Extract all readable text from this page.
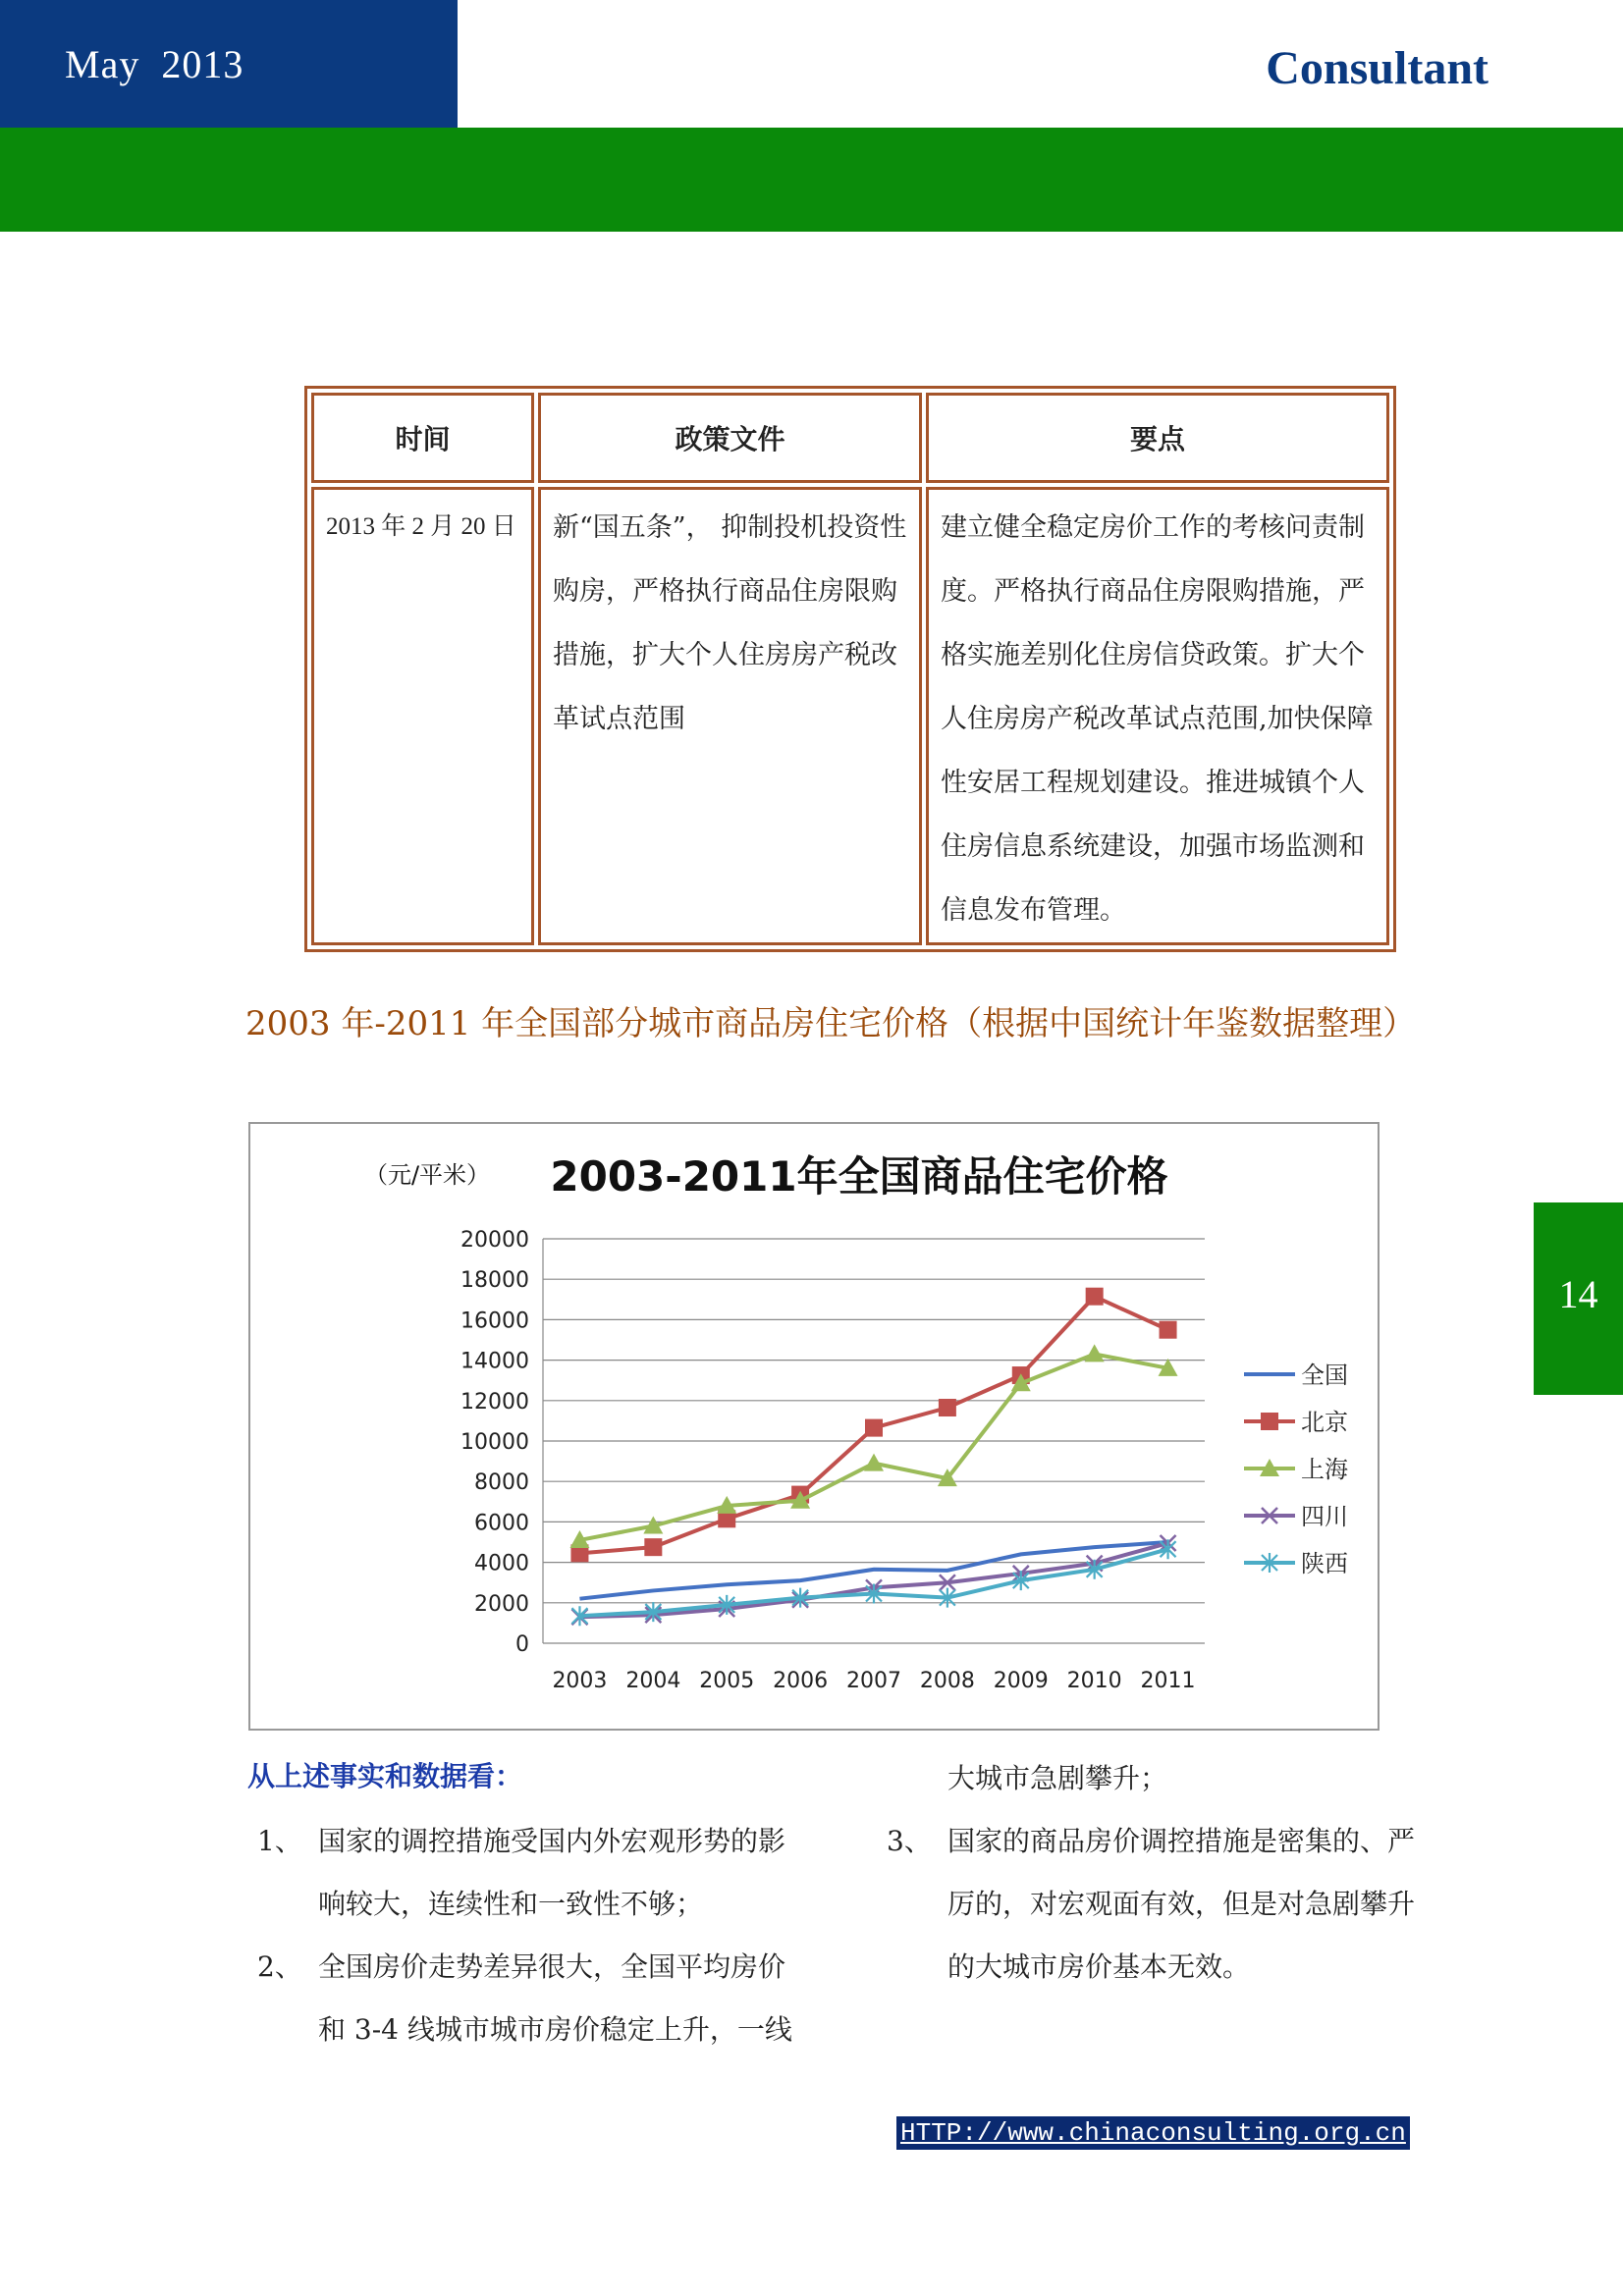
May  2013	Consultant
14
时间	政策文件	要点
2013 年 2 月 20 日	新“国五条”， 抑制投机投资性购房，严格执行商品住房限购措施，扩大个人住房房产税改革试点范围	建立健全稳定房价工作的考核问责制度。严格执行商品住房限购措施，严格实施差别化住房信贷政策。扩大个人住房房产税改革试点范围,加快保障性安居工程规划建设。推进城镇个人住房信息系统建设，加强市场监测和信息发布管理。
2003 年-2011 年全国部分城市商品房住宅价格（根据中国统计年鉴数据整理）
2003-2011年全国商品住宅价格
（元/平米）
0
2000
4000
6000
8000
10000
12000
14000
16000
18000
20000
2003 2004 2005 2006 2007 2008 2009 2010 2011
全国
北京
上海
四川
陕西
从上述事实和数据看：
1、 国家的调控措施受国内外宏观形势的影响较大，连续性和一致性不够；
2、 全国房价走势差异很大，全国平均房价和 3-4 线城市城市房价稳定上升，一线
大城市急剧攀升；
3、 国家的商品房价调控措施是密集的、严厉的，对宏观面有效，但是对急剧攀升的大城市房价基本无效。
HTTP://www.chinaconsulting.org.cn
